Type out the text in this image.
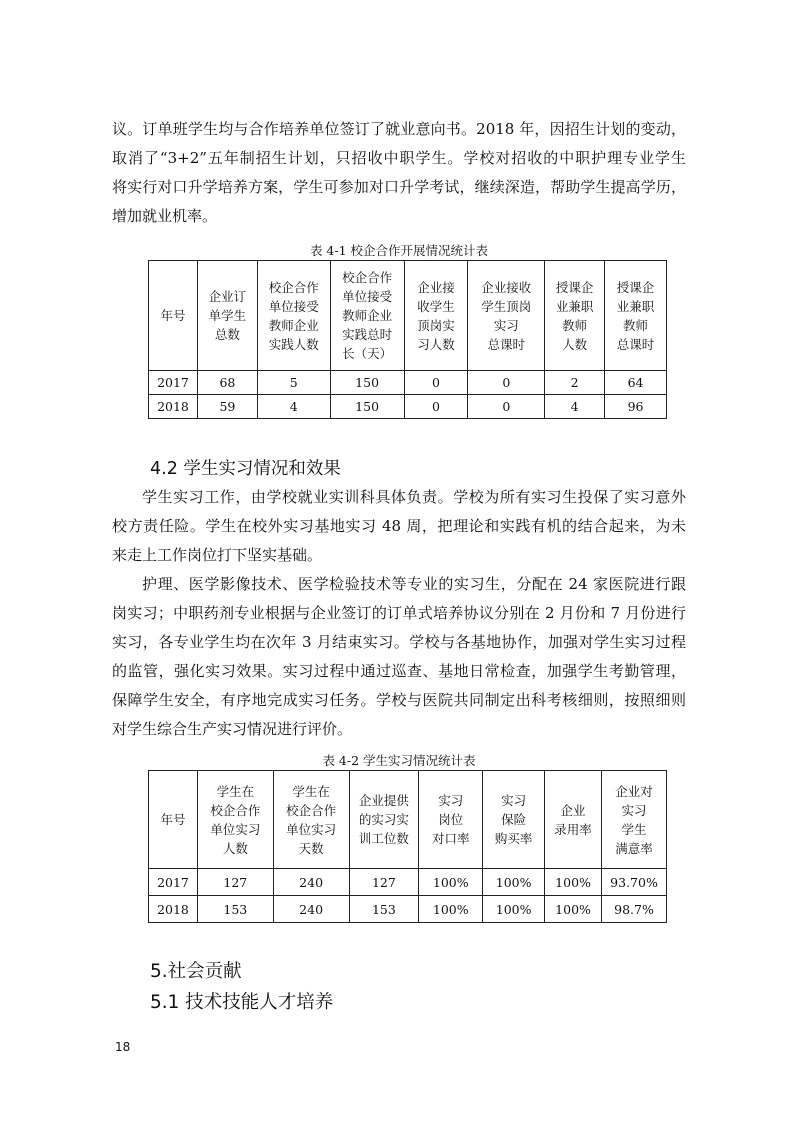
议。订单班学生均与合作培养单位签订了就业意向书。2018 年，因招生计划的变动，
取消了“3+2”五年制招生计划，只招收中职学生。学校对招收的中职护理专业学生
将实行对口升学培养方案，学生可参加对口升学考试，继续深造，帮助学生提高学历，
增加就业机率。

表 4-1 校企合作开展情况统计表

年号	企业订
单学生
总数	校企合作
单位接受
教师企业
实践人数	校企合作
单位接受
教师企业
实践总时
长（天）	企业接
收学生
顶岗实
习人数	企业接收
学生顶岗
实习
总课时	授课企
业兼职
教师
人数	授课企
业兼职
教师
总课时
2017	68	5	150	0	0	2	64
2018	59	4	150	0	0	4	96
4.2 学生实习情况和效果
学生实习工作，由学校就业实训科具体负责。学校为所有实习生投保了实习意外
校方责任险。学生在校外实习基地实习 48 周，把理论和实践有机的结合起来，为未
来走上工作岗位打下坚实基础。
护理、医学影像技术、医学检验技术等专业的实习生，分配在 24 家医院进行跟
岗实习；中职药剂专业根据与企业签订的订单式培养协议分别在 2 月份和 7 月份进行
实习，各专业学生均在次年 3 月结束实习。学校与各基地协作，加强对学生实习过程
的监管，强化实习效果。实习过程中通过巡查、基地日常检查，加强学生考勤管理，
保障学生安全，有序地完成实习任务。学校与医院共同制定出科考核细则，按照细则
对学生综合生产实习情况进行评价。

表 4-2 学生实习情况统计表

年号	学生在
校企合作
单位实习
人数	学生在
校企合作
单位实习
天数	企业提供
的实习实
训工位数	实习
岗位
对口率	实习
保险
购买率	企业
录用率	企业对
实习
学生
满意率
2017	127	240	127	100%	100%	100%	93.70%
2018	153	240	153	100%	100%	100%	98.7%
5.社会贡献
5.1 技术技能人才培养
18
